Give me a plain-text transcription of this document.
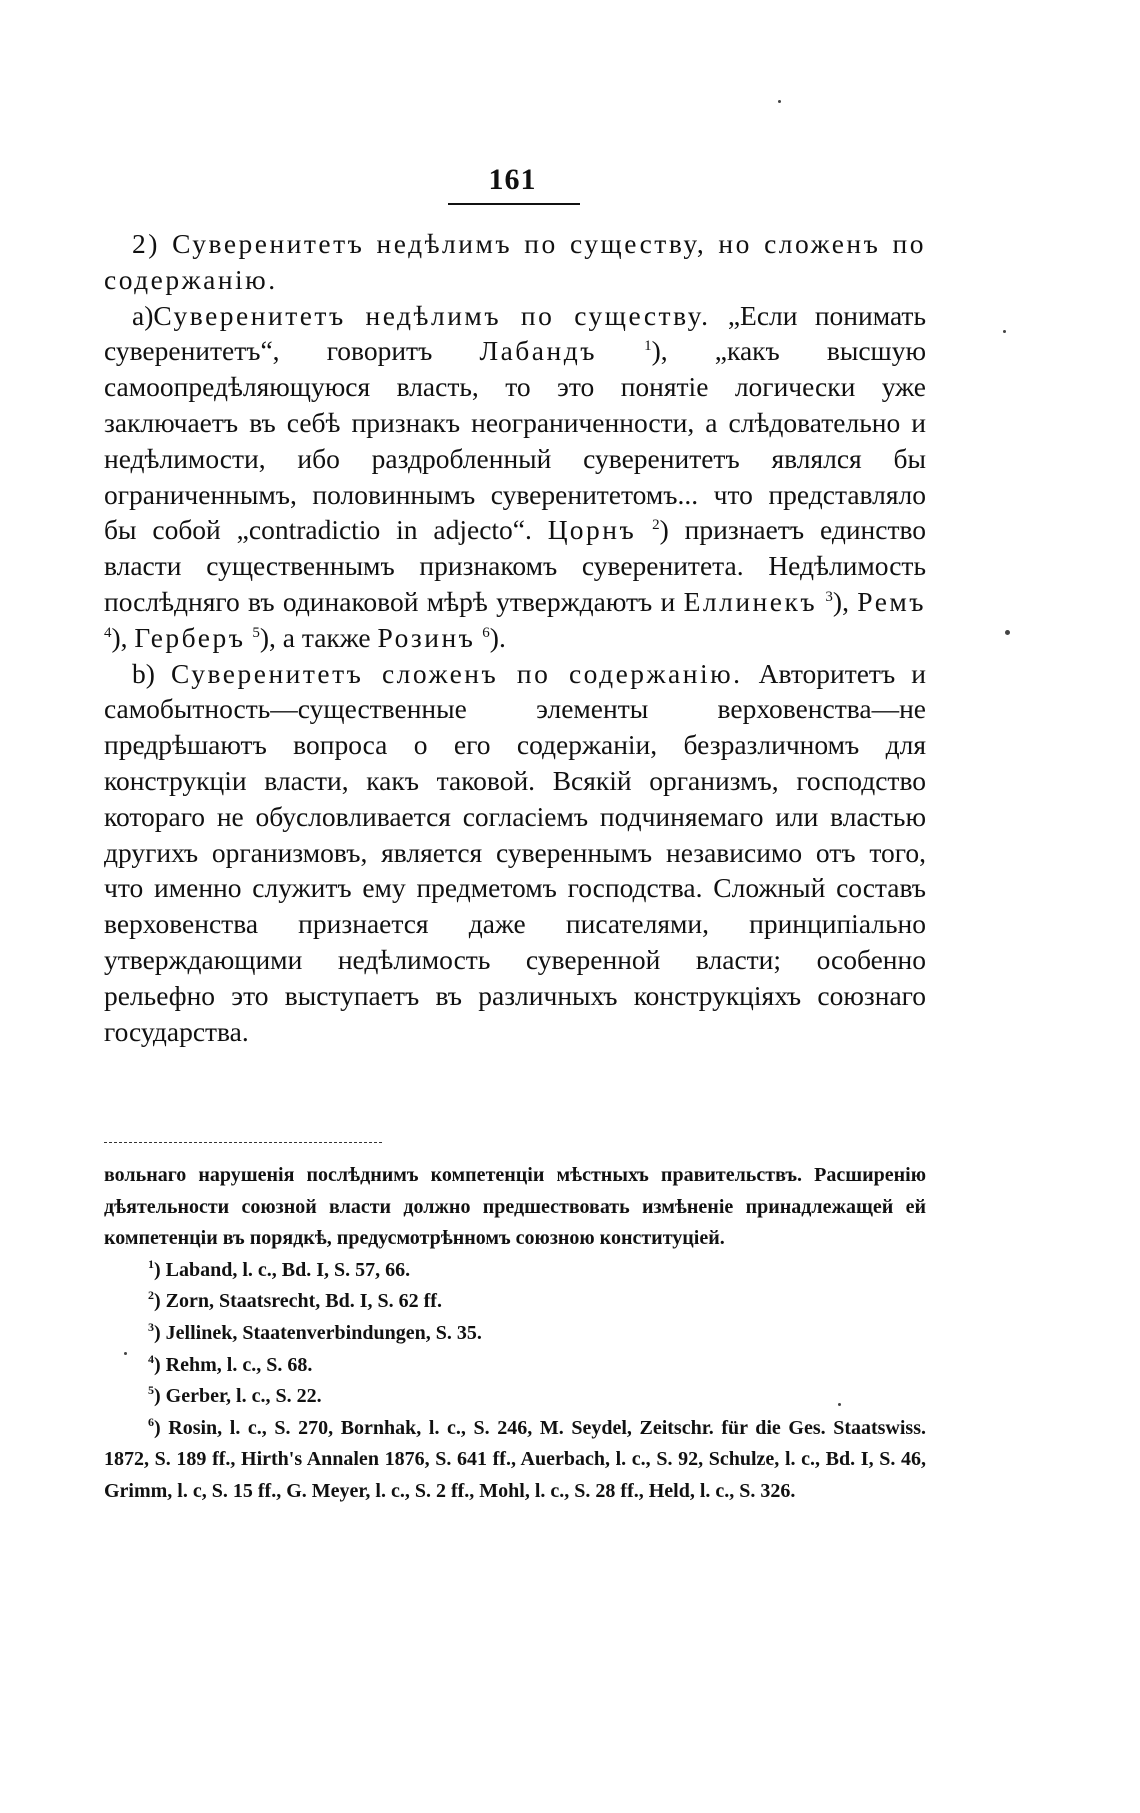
161

2) Суверенитетъ недѣлимъ по существу, но сложенъ по содержанію.

a)Суверенитетъ недѣлимъ по существу. „Если понимать суверенитетъ“, говоритъ Лабандъ	$^1$), „какъ высшую самоопредѣляющуюся власть, то это понятіе логически уже заключаетъ въ себѣ признакъ неограниченности, а слѣдовательно и недѣлимости, ибо раздробленный суверенитетъ являлся бы ограниченнымъ, половиннымъ суверенитетомъ... что представляло бы собой „contradictio in adjecto“. Цорнъ $^2$) признаетъ единство власти существеннымъ признакомъ суверенитета. Недѣлимость послѣдняго въ одинаковой мѣрѣ утверждаютъ и Еллинекъ $^3$), Ремъ $^4$), Герберъ $^5$), а также Розинъ $^6$).

b) Суверенитетъ сложенъ по содержанію. Авторитетъ и самобытность—существенные элементы верховенства—не предрѣшаютъ вопроса о его содержаніи, безразличномъ для конструкціи власти, какъ таковой. Всякій организмъ, господство котораго не обусловливается согласіемъ подчиняемаго или властью другихъ организмовъ, является сувереннымъ независимо отъ того, что именно служитъ ему предметомъ господства. Сложный составъ верховенства признается даже писателями, принципіально утверждающими недѣлимость суверенной власти; особенно рельефно это выступаетъ въ различныхъ конструкціяхъ союзнаго государства.

вольнаго нарушенія послѣднимъ компетенціи мѣстныхъ правительствъ. Расширенію дѣятельности союзной власти должно предшествовать измѣненіе принадлежащей ей компетенціи въ порядкѣ, предусмотрѣнномъ союзною конституціей.

$^1$) Laband, l. c., Bd. I, S. 57, 66.

$^2$) Zorn, Staatsrecht, Bd. I, S. 62 ff.

$^3$) Jellinek, Staatenverbindungen, S. 35.

$^4$) Rehm, l. c., S. 68.

$^5$) Gerber, l. c., S. 22.

$^6$) Rosin, l. c., S. 270, Bornhak, l. c., S. 246, M. Seydel, Zeitschr. für die Ges. Staatswiss. 1872, S. 189 ff., Hirth's Annalen 1876, S. 641 ff., Auerbach, l. c., S. 92, Schulze, l. c., Bd. I, S. 46, Grimm, l. c, S. 15 ff., G. Meyer, l. c., S. 2 ff., Mohl, l. c., S. 28 ff., Held, l. c., S. 326.
